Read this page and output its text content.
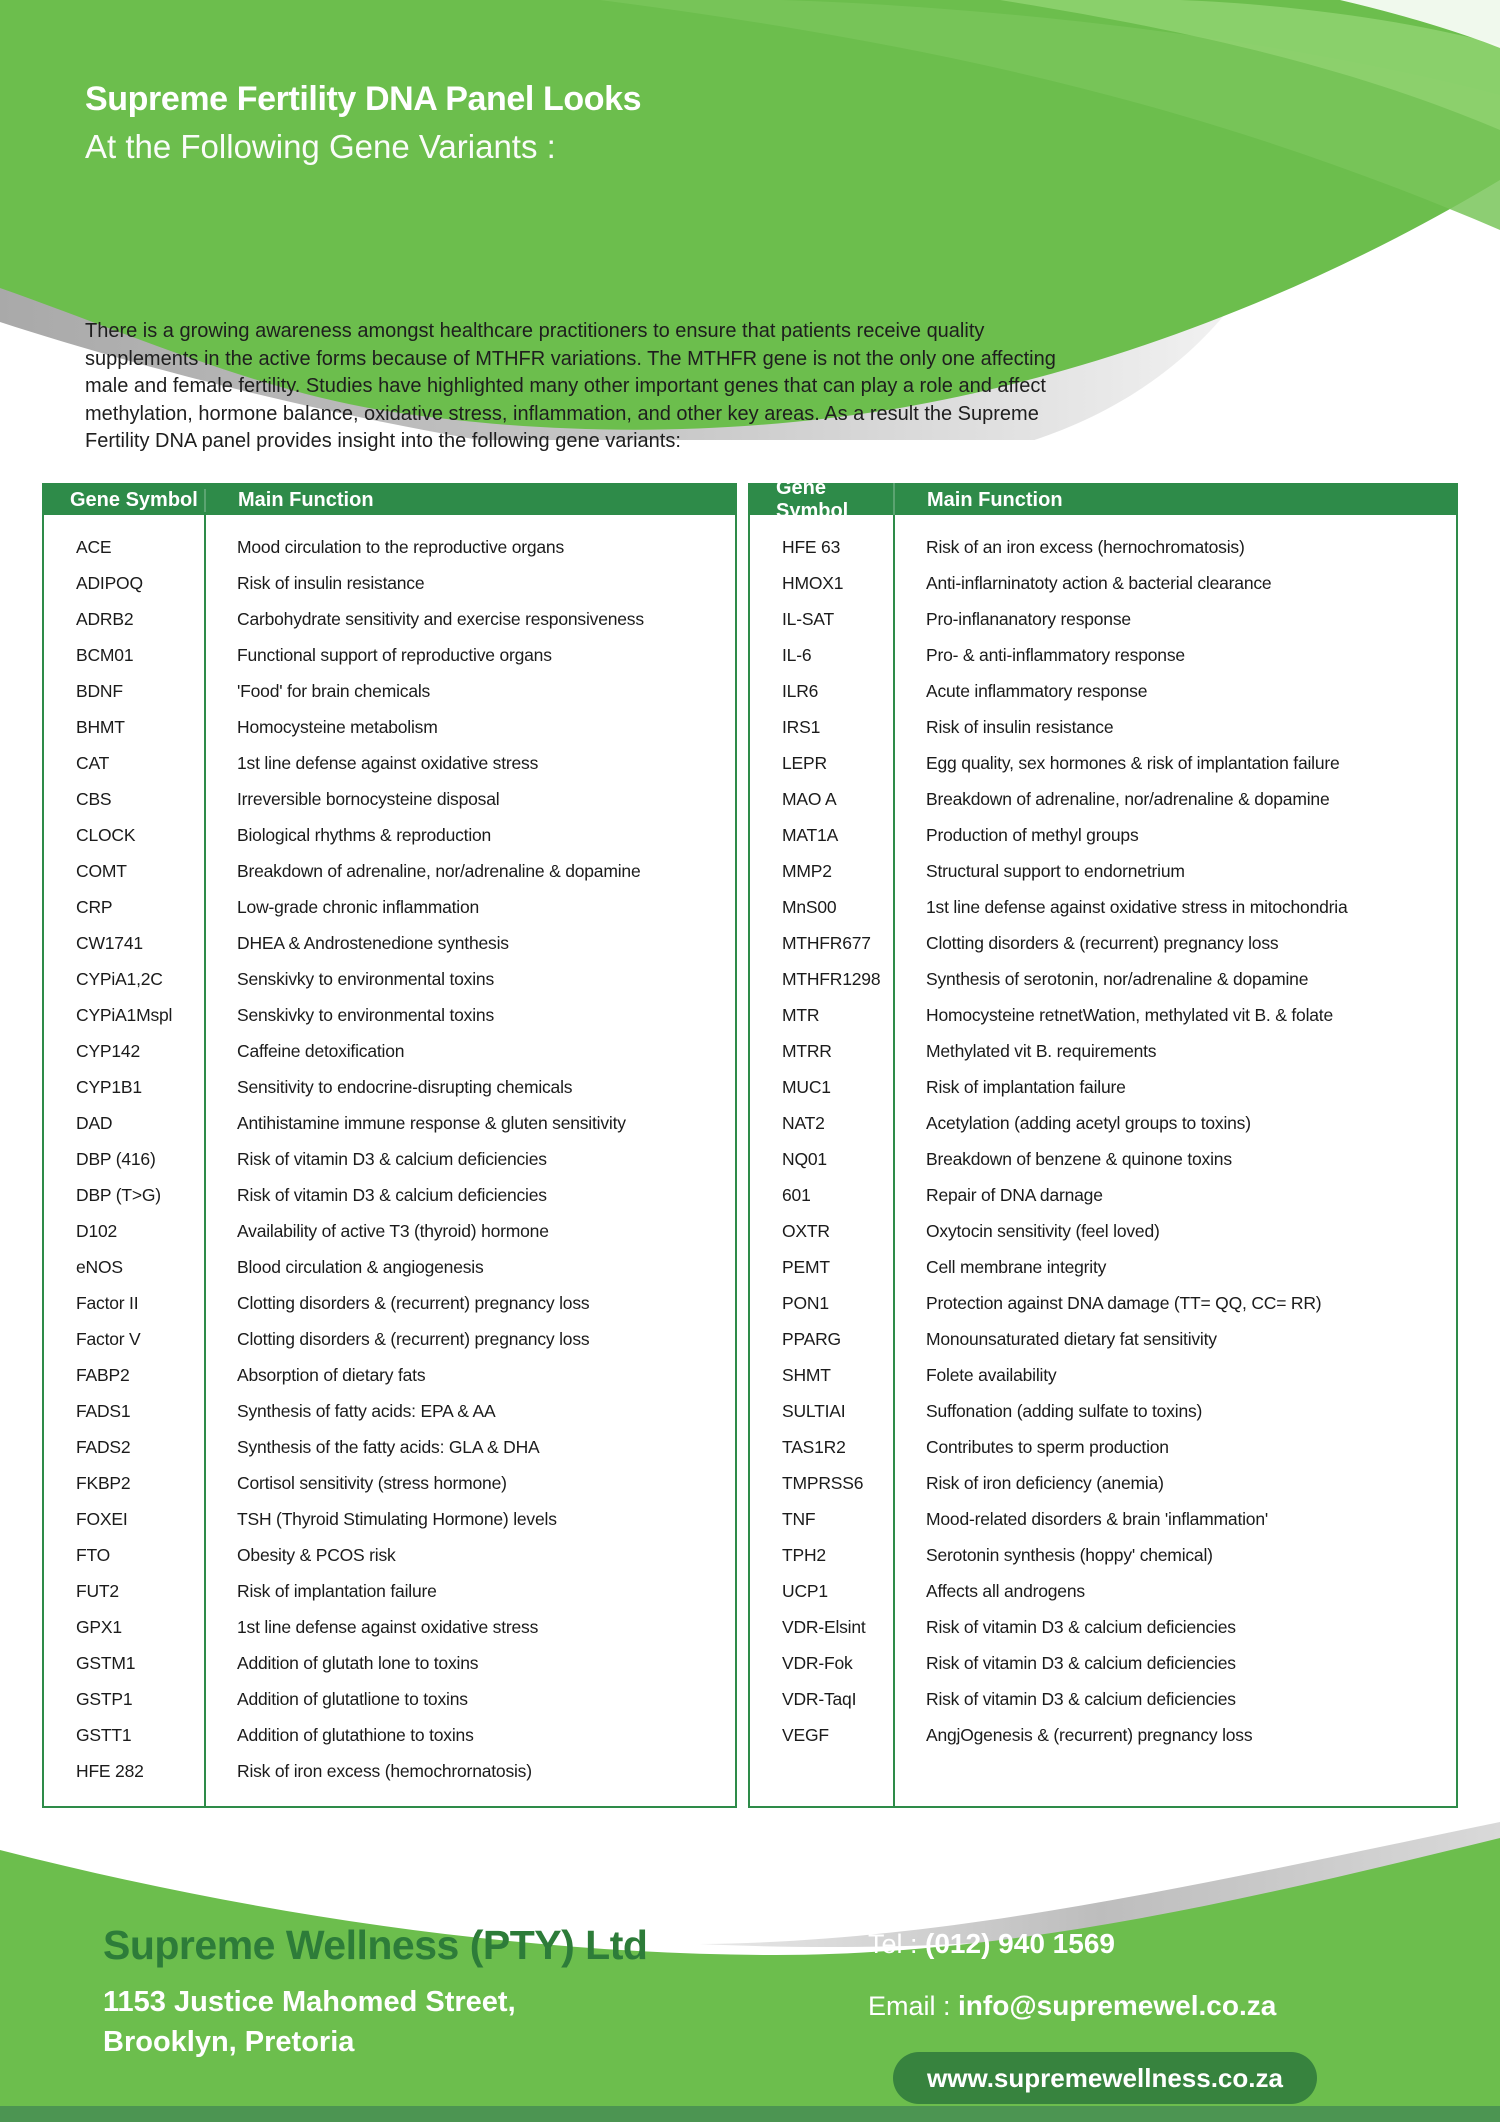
Supreme Fertility DNA Panel Looks
At the Following Gene Variants :
There is a growing awareness amongst healthcare practitioners to ensure that patients receive quality
supplements in the active forms because of MTHFR variations. The MTHFR gene is not the only one affecting
male and female fertility. Studies have highlighted many other important genes that can play a role and affect
methylation, hormone balance, oxidative stress, inflammation, and other key areas. As a result the Supreme
Fertility DNA panel provides insight into the following gene variants:
Gene Symbol	Main Function
ACE
ADIPOQ
ADRB2
BCM01
BDNF
BHMT
CAT
CBS
CLOCK
COMT
CRP
CW1741
CYPiA1,2C
CYPiA1Mspl
CYP142
CYP1B1
DAD
DBP (416)
DBP (T>G)
D102
eNOS
Factor II
Factor V
FABP2
FADS1
FADS2
FKBP2
FOXEI
FTO
FUT2
GPX1
GSTM1
GSTP1
GSTT1
HFE 282
Mood circulation to the reproductive organs
Risk of insulin resistance
Carbohydrate sensitivity and exercise responsiveness
Functional support of reproductive organs
'Food' for brain chemicals
Homocysteine metabolism
1st line defense against oxidative stress
Irreversible bornocysteine disposal
Biological rhythms & reproduction
Breakdown of adrenaline, nor/adrenaline & dopamine
Low-grade chronic inflammation
DHEA & Androstenedione synthesis
Senskivky to environmental toxins
Senskivky to environmental toxins
Caffeine detoxification
Sensitivity to endocrine-disrupting chemicals
Antihistamine immune response & gluten sensitivity
Risk of vitamin D3 & calcium deficiencies
Risk of vitamin D3 & calcium deficiencies
Availability of active T3 (thyroid) hormone
Blood circulation & angiogenesis
Clotting disorders & (recurrent) pregnancy loss
Clotting disorders & (recurrent) pregnancy loss
Absorption of dietary fats
Synthesis of fatty acids: EPA & AA
Synthesis of the fatty acids: GLA & DHA
Cortisol sensitivity (stress hormone)
TSH (Thyroid Stimulating Hormone) levels
Obesity & PCOS risk
Risk of implantation failure
1st line defense against oxidative stress
Addition of glutath lone to toxins
Addition of glutatlione to toxins
Addition of glutathione to toxins
Risk of iron excess (hemochrornatosis)
Gene Symbol
Main Function
HFE 63
HMOX1
IL-SAT
IL-6
ILR6
IRS1
LEPR
MAO A
MAT1A
MMP2
MnS00
MTHFR677
MTHFR1298
MTR
MTRR
MUC1
NAT2
NQ01
601
OXTR
PEMT
PON1
PPARG
SHMT
SULTIAI
TAS1R2
TMPRSS6
TNF
TPH2
UCP1
VDR-Elsint
VDR-Fok
VDR-TaqI
VEGF
Risk of an iron excess (hernochromatosis)
Anti-inflarninatoty action & bacterial clearance
Pro-inflananatory response
Pro- & anti-inflammatory response
Acute inflammatory response
Risk of insulin resistance
Egg quality, sex hormones & risk of implantation failure
Breakdown of adrenaline, nor/adrenaline & dopamine
Production of methyl groups
Structural support to endornetrium
1st line defense against oxidative stress in mitochondria
Clotting disorders & (recurrent) pregnancy loss
Synthesis of serotonin, nor/adrenaline & dopamine
Homocysteine retnetWation, methylated vit B. & folate
Methylated vit B. requirements
Risk of implantation failure
Acetylation (adding acetyl groups to toxins)
Breakdown of benzene & quinone toxins
Repair of DNA darnage
Oxytocin sensitivity (feel loved)
Cell membrane integrity
Protection against DNA damage (TT= QQ, CC= RR)
Monounsaturated dietary fat sensitivity
Folete availability
Suffonation (adding sulfate to toxins)
Contributes to sperm production
Risk of iron deficiency (anemia)
Mood-related disorders & brain 'inflammation'
Serotonin synthesis (hoppy' chemical)
Affects all androgens
Risk of vitamin D3 & calcium deficiencies
Risk of vitamin D3 & calcium deficiencies
Risk of vitamin D3 & calcium deficiencies
AngjOgenesis & (recurrent) pregnancy loss
Supreme Wellness (PTY) Ltd
1153 Justice Mahomed Street,
Brooklyn, Pretoria
Tel : (012) 940 1569
Email : info@supremewel.co.za
www.supremewellness.co.za
